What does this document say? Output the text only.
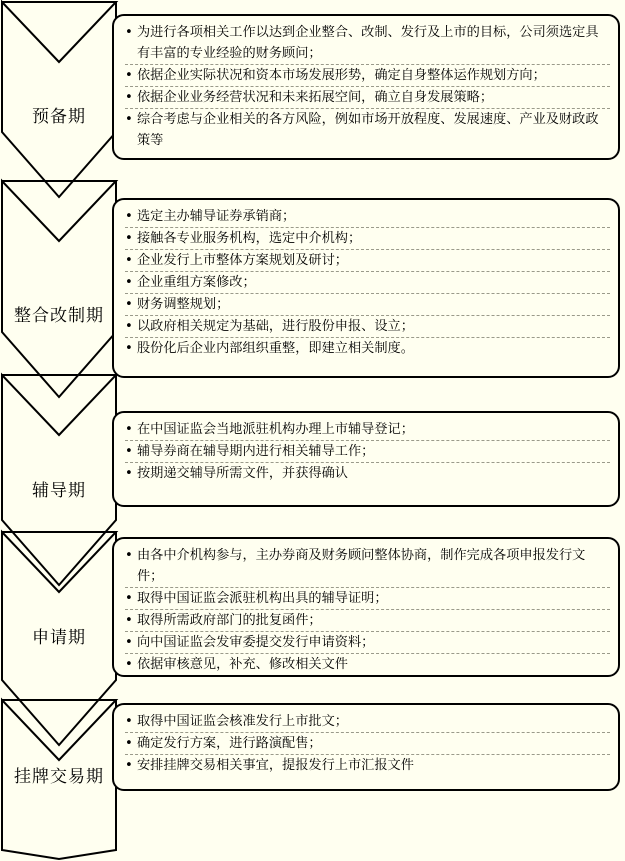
预备期
整合改制期
辅导期
申请期
挂牌交易期
• 为进行各项相关工作以达到企业整合、改制、发行及上市的目标，公司须选定具有丰富的专业经验的财务顾问；
• 依据企业实际状况和资本市场发展形势，确定自身整体运作规划方向；
• 依据企业业务经营状况和未来拓展空间，确立自身发展策略；
• 综合考虑与企业相关的各方风险，例如市场开放程度、发展速度、产业及财政政策等
• 选定主办辅导证券承销商；
• 接触各专业服务机构，选定中介机构；
• 企业发行上市整体方案规划及研讨；
• 企业重组方案修改；
• 财务调整规划；
• 以政府相关规定为基础，进行股份申报、设立；
• 股份化后企业内部组织重整，即建立相关制度。
• 在中国证监会当地派驻机构办理上市辅导登记；
• 辅导券商在辅导期内进行相关辅导工作；
• 按期递交辅导所需文件，并获得确认
• 由各中介机构参与，主办券商及财务顾问整体协商，制作完成各项申报发行文件；
• 取得中国证监会派驻机构出具的辅导证明；
• 取得所需政府部门的批复函件；
• 向中国证监会发审委提交发行申请资料；
• 依据审核意见，补充、修改相关文件
• 取得中国证监会核准发行上市批文；
• 确定发行方案，进行路演配售；
• 安排挂牌交易相关事宜，提报发行上市汇报文件
